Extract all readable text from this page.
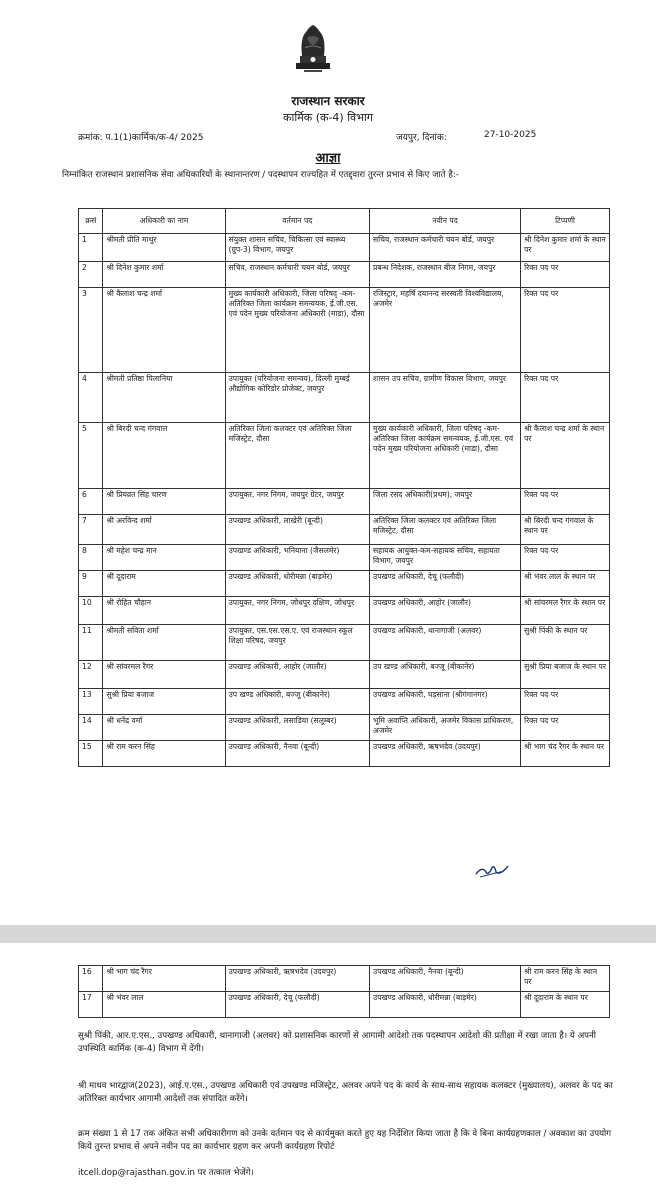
राजस्थान सरकार
कार्मिक (क-4) विभाग
क्रमांक: प.1(1)कार्मिक/क-4/ 2025	जयपुर, दिनांक:	27-10-2025
आज्ञा
निम्नांकित राजस्थान प्रशासनिक सेवा अधिकारियों के स्थानान्तरण / पदस्थापन राज्यहित में एतद्द्वारा तुरन्त प्रभाव से किए जाते है:-
क्रसं	अधिकारी का नाम	वर्तमान पद	नवीन पद	टिप्पणी
1	श्रीमती प्रीति माथुर	संयुक्त शासन सचिव, चिकित्सा एवं स्वास्थ्य (ग्रुप-3) विभाग, जयपुर	सचिव, राजस्थान कर्मचारी चयन बोर्ड, जयपुर	श्री दिनेश कुमार शर्मा के स्थान पर
2	श्री दिनेश कुमार शर्मा	सचिव, राजस्थान कर्मचारी चयन बोर्ड, जयपुर	प्रबन्ध निदेशक, राजस्थान बीज निगम, जयपुर	रिक्त पद पर
3	श्री कैलाश चन्द्र शर्मा	मुख्य कार्यकारी अधिकारी, जिला परिषद् -कम- अतिरिक्त जिला कार्यक्रम समन्वयक, ई.जी.एस. एवं पदेन मुख्य परियोजना अधिकारी (माडा), दौसा	रजिस्ट्रार, महर्षि दयानन्द सरस्वती विश्वविद्यालय, अजमेर	रिक्त पद पर
4	श्रीमती प्रतिष्ठा पिलानिया	उपायुक्त (परियोजना समन्वय), दिल्ली मुम्बई औद्योगिक कोरिडोर प्रोजेक्ट, जयपुर	शासन उप सचिव, ग्रामीण विकास विभाग, जयपुर	रिक्त पद पर
5	श्री बिरदी चन्द गंगवाल	अतिरिक्त जिला कलक्टर एवं अतिरिक्त जिला मजिस्ट्रेट, दौसा	मुख्य कार्यकारी अधिकारी, जिला परिषद् -कम- अतिरिक्त जिला कार्यक्रम समन्वयक, ई.जी.एस. एवं पदेन मुख्य परियोजना अधिकारी (माडा), दौसा	श्री कैलाश चन्द्र शर्मा के स्थान पर
6	श्री प्रियव्रत सिंह चारण	उपायुक्त, नगर निगम, जयपुर ग्रेटर, जयपुर	जिला रसद अधिकारी(प्रथम), जयपुर	रिक्त पद पर
7	श्री अरविन्द शर्मा	उपखण्ड अधिकारी, लाखेरी (बून्दी)	अतिरिक्त जिला कलक्टर एवं अतिरिक्त जिला मजिस्ट्रेट, दौसा	श्री बिरदी चन्द गंगवाल के स्थान पर
8	श्री महेश चन्द्र मान	उपखण्ड अधिकारी, भनियाना (जैसलमेर)	सहायक आयुक्त-कम-सहायक सचिव, सहायता विभाग, जयपुर	रिक्त पद पर
9	श्री दूदाराम	उपखण्ड अधिकारी, धोरीमन्ना (बाड़मेर)	उपखण्ड अधिकारी, देचू (फलौदी)	श्री भंवर लाल के स्थान पर
10	श्री रोहित चौहान	उपायुक्त, नगर निगम, जोधपुर दक्षिण, जोधपुर	उपखण्ड अधिकारी, आहोर (जालौर)	श्री सांवरमल रैगर के स्थान पर
11	श्रीमती सविता शर्मा	उपायुक्त, एस.एस.एस.ए. एवं राजस्थान स्कूल शिक्षा परिषद, जयपुर	उपखण्ड अधिकारी, थानागाजी (अलवर)	सुश्री पिंकी के स्थान पर
12	श्री सांवरमल रैगर	उपखण्ड अधिकारी, आहोर (जालौर)	उप खण्ड अधिकारी, बज्जू (बीकानेर)	सुश्री प्रिया बजाज के स्थान पर
13	सुश्री प्रिया बजाज	उप खण्ड अधिकारी, बज्जू (बीकानेर)	उपखण्ड अधिकारी, घड़साना (श्रीगंगानगर)	रिक्त पद पर
14	श्री धनेंद्र वर्मा	उपखण्ड अधिकारी, लसाडिया (सलूम्बर)	भूमि अवाप्ति अधिकारी, अजमेर विकास प्राधिकरण, अजमेर	रिक्त पद पर
15	श्री राम करन सिंह	उपखण्ड अधिकारी, नैनवा (बून्दी)	उपखण्ड अधिकारी, ऋषभदेव (उदयपुर)	श्री भाग चंद रैगर के स्थान पर
16	श्री भाग चंद रैगर	उपखण्ड अधिकारी, ऋषभदेव (उदयपुर)	उपखण्ड अधिकारी, नैनवा (बून्दी)	श्री राम करन सिंह के स्थान पर
17	श्री भंवर लाल	उपखण्ड अधिकारी, देचू (फलौदी)	उपखण्ड अधिकारी, धोरीमन्ना (बाड़मेर)	श्री दूदाराम के स्थान पर
सुश्री पिंकी, आर.ए.एस., उपखण्ड अधिकारी, थानागाजी (अलवर) को प्रशासनिक कारणों से आगामी आदेशो तक पदस्थापन आदेशो की प्रतीक्षा में रखा जाता है। ये अपनी उपस्थिति कार्मिक (क-4) विभाग में देंगी।
श्री माधव भारद्वाज(2023), आई.ए.एस., उपखण्ड अधिकारी एवं उपखण्ड मजिस्ट्रेट, अलवर अपने पद के कार्य के साथ-साथ सहायक कलक्टर (मुख्यालय), अलवर के पद का अतिरिक्त कार्यभार आगामी आदेशों तक संपादित करेंगे।
क्रम संख्या 1 से 17 तक अंकित सभी अधिकारीगण को उनके वर्तमान पद से कार्यमुक्त करते हुए यह निर्देशित किया जाता है कि वे बिना कार्यग्रहणकाल / अवकाश का उपयोग किये तुरन्त प्रभाव से अपने नवीन पद का कार्यभार ग्रहण कर अपनी कार्यग्रहण रिपोर्ट
itcell.dop@rajasthan.gov.in पर तत्काल भेजेंगे।
